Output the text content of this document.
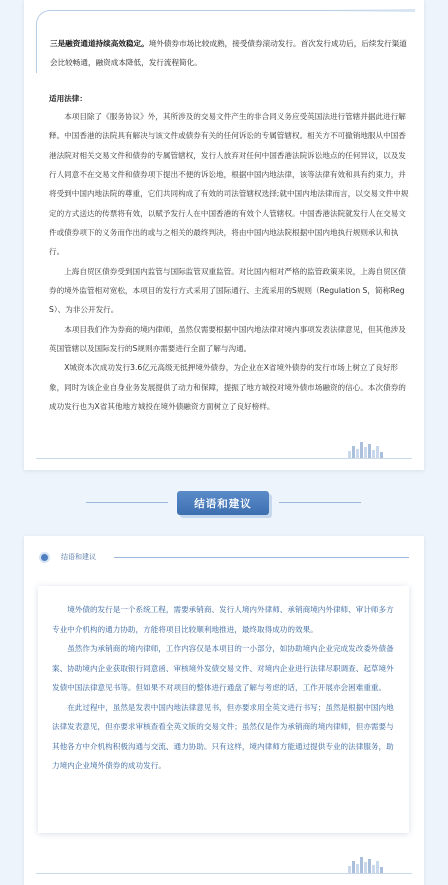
三是融资通道持续高效稳定。境外债券市场比较成熟，接受债券滚动发行。首次发行成功后，后续发行渠道会比较畅通，融资成本降低，发行流程简化。
适用法律：

本项目除了《服务协议》外，其所涉及的交易文件产生的非合同义务应受英国法进行管辖并据此进行解释。中国香港的法院具有解决与该文件或债券有关的任何诉讼的专属管辖权。相关方不可撤销地服从中国香港法院对相关交易文件和债券的专属管辖权，发行人放弃对任何中国香港法院诉讼地点的任何异议，以及发行人同意不在交易文件和债券项下提出不便的诉讼地，根据中国内地法律，该等法律有效和具有约束力，并将受到中国内地法院的尊重，它们共同构成了有效的司法管辖权选择;就中国内地法律而言，以交易文件中规定的方式送达的传票将有效，以赋予发行人在中国香港的有效个人管辖权。中国香港法院就发行人在交易文件或债券项下的义务而作出的或与之相关的最终判决，将由中国内地法院根据中国内地执行规则承认和执行。

上海自贸区债券受到国内监管与国际监管双重监管。对比国内相对严格的监管政策来说，上海自贸区债券的境外监管相对宽松，本项目的发行方式采用了国际通行、主流采用的S规则（Regulation S，简称Reg S）、为非公开发行。

本项目我们作为券商的境内律师，虽然仅需要根据中国内地法律对境内事项发表法律意见，但其他涉及英国管辖以及国际发行的S规则亦需要进行全面了解与沟通。

X城资本次成功发行3.6亿元高级无抵押境外债券，为企业在X省境外债券的发行市场上树立了良好形象，同时为该企业自身业务发展提供了动力和保障，提振了地方城投对境外债市场融资的信心。本次债券的成功发行也为X省其他地方城投在境外债融资方面树立了良好榜样。

结语和建议
结语和建议

境外债的发行是一个系统工程，需要承销商、发行人境内外律师、承销商境内外律师、审计师多方专业中介机构的通力协助，方能将项目比较顺利地推进，最终取得成功的效果。

虽然作为承销商的境内律师，工作内容仅是本项目的一小部分，如协助境内企业完成发改委外债备案、协助境内企业获取银行同意函、审核境外发债交易文件、对境内企业进行法律尽职调查、起草境外发债中国法律意见书等。但如果不对项目的整体进行通盘了解与考虑的话，工作开展亦会困难重重。

在此过程中，虽然是发表中国内地法律意见书，但亦要求用全英文进行书写；虽然是根据中国内地法律发表意见，但亦要求审核查看全英文版的交易文件；虽然仅是作为承销商的境内律师，但亦需要与其他各方中介机构积极沟通与交流、通力协助。只有这样，境内律师方能通过提供专业的法律服务，助力境内企业境外债券的成功发行。
